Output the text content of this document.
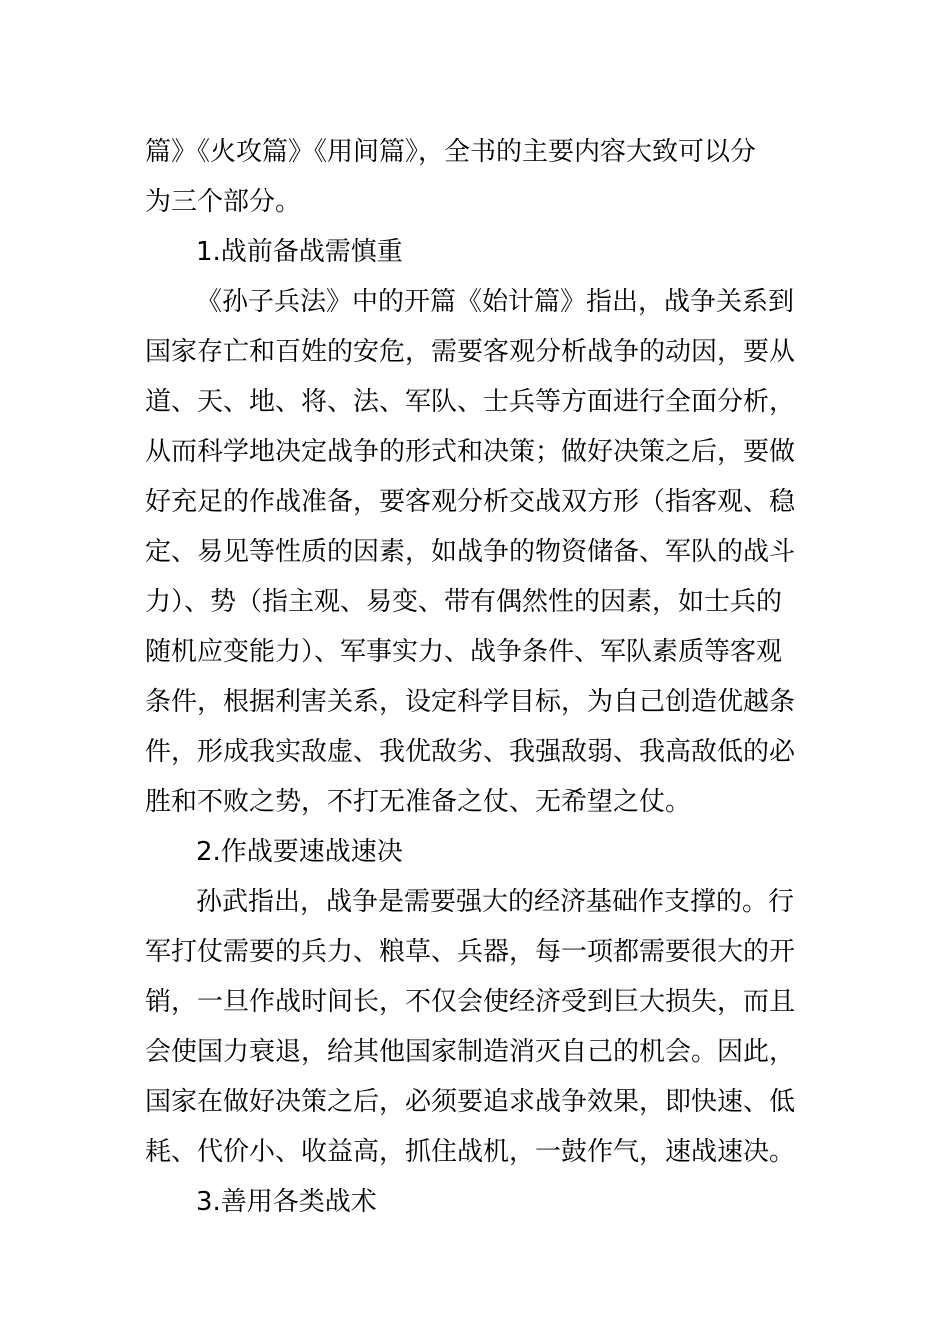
篇》《火攻篇》《用间篇》，全书的主要内容大致可以分
为三个部分。
1.战前备战需慎重
《孙子兵法》中的开篇《始计篇》指出，战争关系到
国家存亡和百姓的安危，需要客观分析战争的动因，要从
道、天、地、将、法、军队、士兵等方面进行全面分析，
从而科学地决定战争的形式和决策；做好决策之后，要做
好充足的作战准备，要客观分析交战双方形（指客观、稳
定、易见等性质的因素，如战争的物资储备、军队的战斗
力）、势（指主观、易变、带有偶然性的因素，如士兵的
随机应变能力）、军事实力、战争条件、军队素质等客观
条件，根据利害关系，设定科学目标，为自己创造优越条
件，形成我实敌虚、我优敌劣、我强敌弱、我高敌低的必
胜和不败之势，不打无准备之仗、无希望之仗。
2.作战要速战速决
孙武指出，战争是需要强大的经济基础作支撑的。行
军打仗需要的兵力、粮草、兵器，每一项都需要很大的开
销，一旦作战时间长，不仅会使经济受到巨大损失，而且
会使国力衰退，给其他国家制造消灭自己的机会。因此，
国家在做好决策之后，必须要追求战争效果，即快速、低
耗、代价小、收益高，抓住战机，一鼓作气，速战速决。
3.善用各类战术
